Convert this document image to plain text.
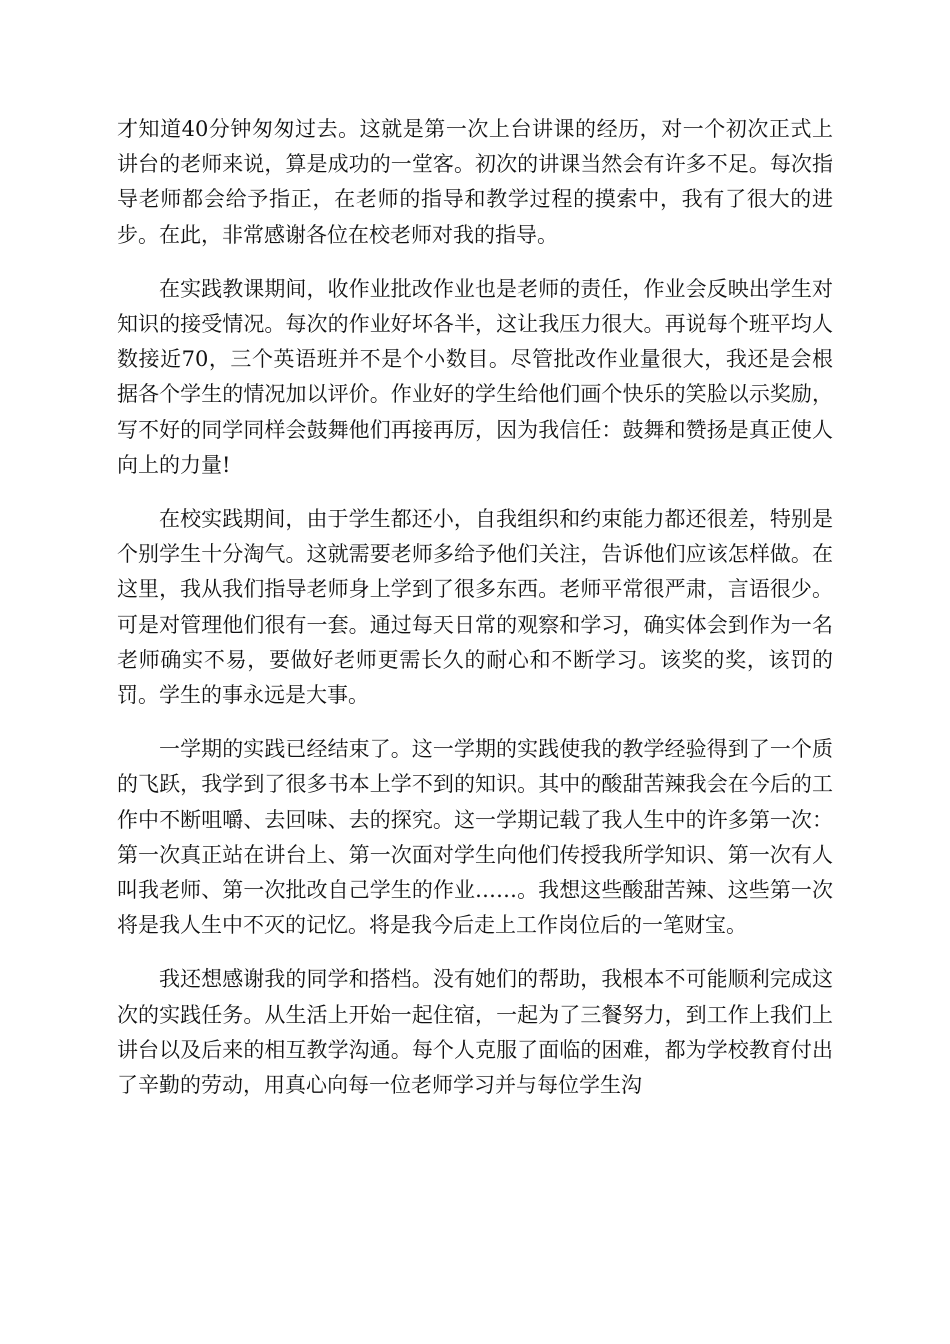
才知道40分钟匆匆过去。这就是第一次上台讲课的经历，对一个初次正式上讲台的老师来说，算是成功的一堂客。初次的讲课当然会有许多不足。每次指导老师都会给予指正，在老师的指导和教学过程的摸索中，我有了很大的进步。在此，非常感谢各位在校老师对我的指导。

在实践教课期间，收作业批改作业也是老师的责任，作业会反映出学生对知识的接受情况。每次的作业好坏各半，这让我压力很大。再说每个班平均人数接近70，三个英语班并不是个小数目。尽管批改作业量很大，我还是会根据各个学生的情况加以评价。作业好的学生给他们画个快乐的笑脸以示奖励，写不好的同学同样会鼓舞他们再接再厉，因为我信任：鼓舞和赞扬是真正使人向上的力量!

在校实践期间，由于学生都还小，自我组织和约束能力都还很差，特别是个别学生十分淘气。这就需要老师多给予他们关注，告诉他们应该怎样做。在这里，我从我们指导老师身上学到了很多东西。老师平常很严肃，言语很少。可是对管理他们很有一套。通过每天日常的观察和学习，确实体会到作为一名老师确实不易，要做好老师更需长久的耐心和不断学习。该奖的奖，该罚的罚。学生的事永远是大事。

一学期的实践已经结束了。这一学期的实践使我的教学经验得到了一个质的飞跃，我学到了很多书本上学不到的知识。其中的酸甜苦辣我会在今后的工作中不断咀嚼、去回味、去的探究。这一学期记载了我人生中的许多第一次：第一次真正站在讲台上、第一次面对学生向他们传授我所学知识、第一次有人叫我老师、第一次批改自己学生的作业……。我想这些酸甜苦辣、这些第一次将是我人生中不灭的记忆。将是我今后走上工作岗位后的一笔财宝。

我还想感谢我的同学和搭档。没有她们的帮助，我根本不可能顺利完成这次的实践任务。从生活上开始一起住宿，一起为了三餐努力，到工作上我们上讲台以及后来的相互教学沟通。每个人克服了面临的困难，都为学校教育付出了辛勤的劳动，用真心向每一位老师学习并与每位学生沟
